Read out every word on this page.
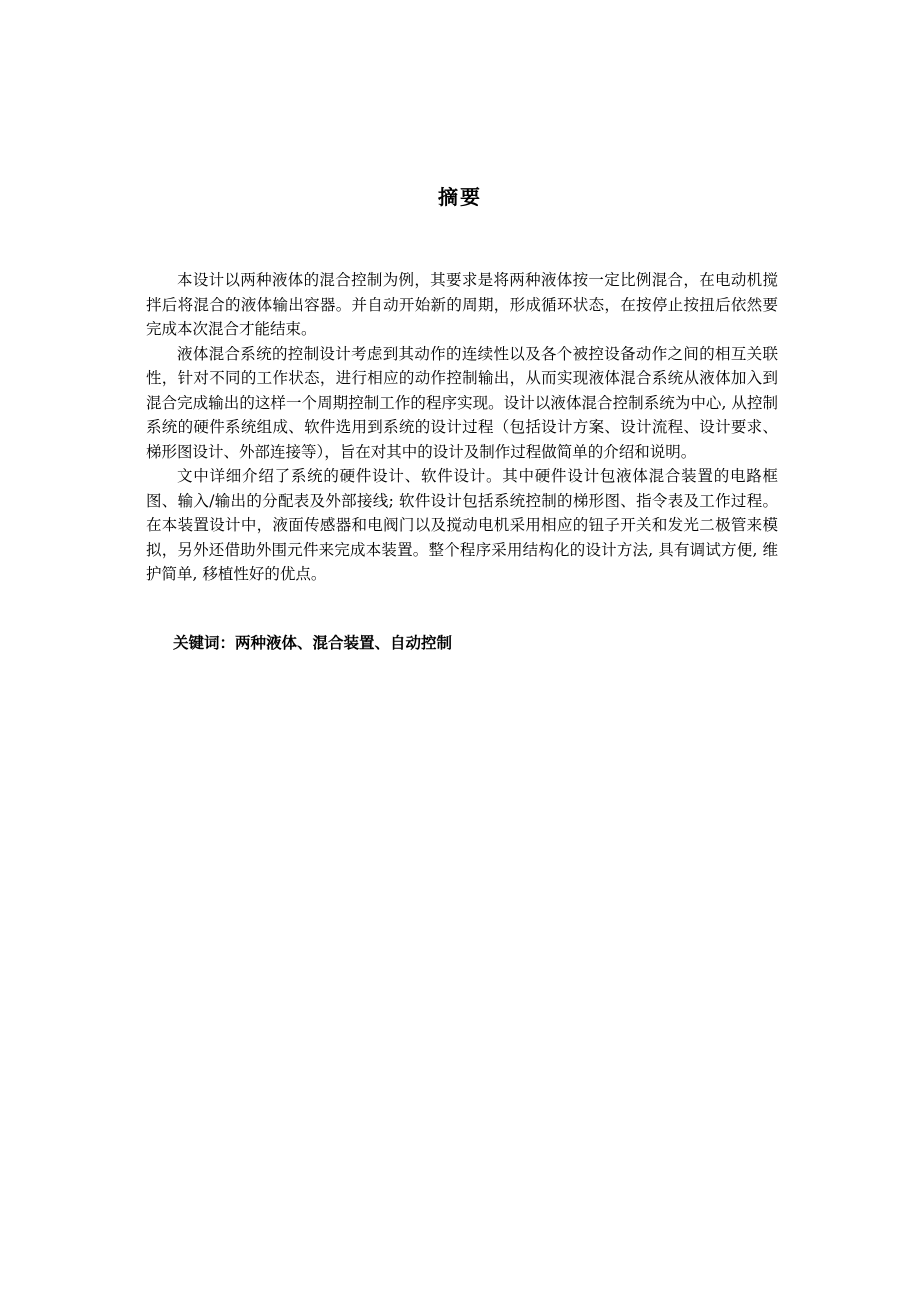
摘要

本设计以两种液体的混合控制为例，其要求是将两种液体按一定比例混合，在电动机搅拌后将混合的液体输出容器。并自动开始新的周期，形成循环状态，在按停止按扭后依然要完成本次混合才能结束。

液体混合系统的控制设计考虑到其动作的连续性以及各个被控设备动作之间的相互关联性，针对不同的工作状态，进行相应的动作控制输出，从而实现液体混合系统从液体加入到混合完成输出的这样一个周期控制工作的程序实现。设计以液体混合控制系统为中心, 从控制系统的硬件系统组成、软件选用到系统的设计过程（包括设计方案、设计流程、设计要求、梯形图设计、外部连接等），旨在对其中的设计及制作过程做简单的介绍和说明。

文中详细介绍了系统的硬件设计、软件设计。其中硬件设计包液体混合装置的电路框图、输入/输出的分配表及外部接线; 软件设计包括系统控制的梯形图、指令表及工作过程。在本装置设计中，液面传感器和电阀门以及搅动电机采用相应的钮子开关和发光二极管来模拟，另外还借助外围元件来完成本装置。整个程序采用结构化的设计方法, 具有调试方便, 维护简单, 移植性好的优点。

关键词：两种液体、混合装置、自动控制
